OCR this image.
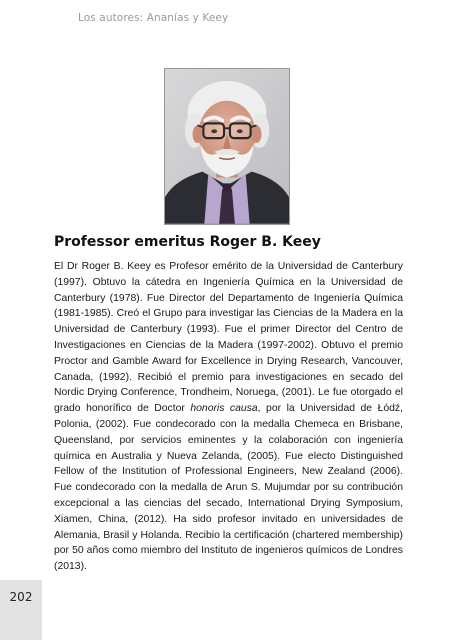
Los autores: Ananías y Keey
Professor emeritus Roger B. Keey

El Dr Roger B. Keey es Profesor emérito de la Universidad de Canterbury (1997). Obtuvo la cátedra en Ingeniería Química en la Universidad de Canterbury (1978). Fue Director del Departamento de Ingeniería Química (1981-1985). Creó el Grupo para investigar las Ciencias de la Madera en la Universidad de Canterbury (1993). Fue el primer Director del Centro de Investigaciones en Ciencias de la Madera (1997-2002). Obtuvo el premio Proctor and Gamble Award for Excellence in Drying Research, Vancouver, Canada, (1992). Recibió el premio para investigaciones en secado del Nordic Drying Conference, Trondheim, Noruega, (2001). Le fue otorgado el grado honorífico de Doctor honoris causa, por la Universidad de Łódź, Polonia, (2002). Fue condecorado con la medalla Chemeca en Brisbane, Queensland, por servicios eminentes y la colaboración con ingeniería química en Australia y Nueva Zelanda, (2005). Fue electo Distinguished Fellow of the Institution of Professional Engineers, New Zealand (2006). Fue condecorado con la medalla de Arun S. Mujumdar por su contribución excepcional a las ciencias del secado, International Drying Symposium, Xiamen, China, (2012). Ha sido profesor invitado en universidades de Alemania, Brasil y Holanda. Recibio la certificación (chartered membership) por 50 años como miembro del Instituto de ingenieros químicos de Londres (2013).

202
